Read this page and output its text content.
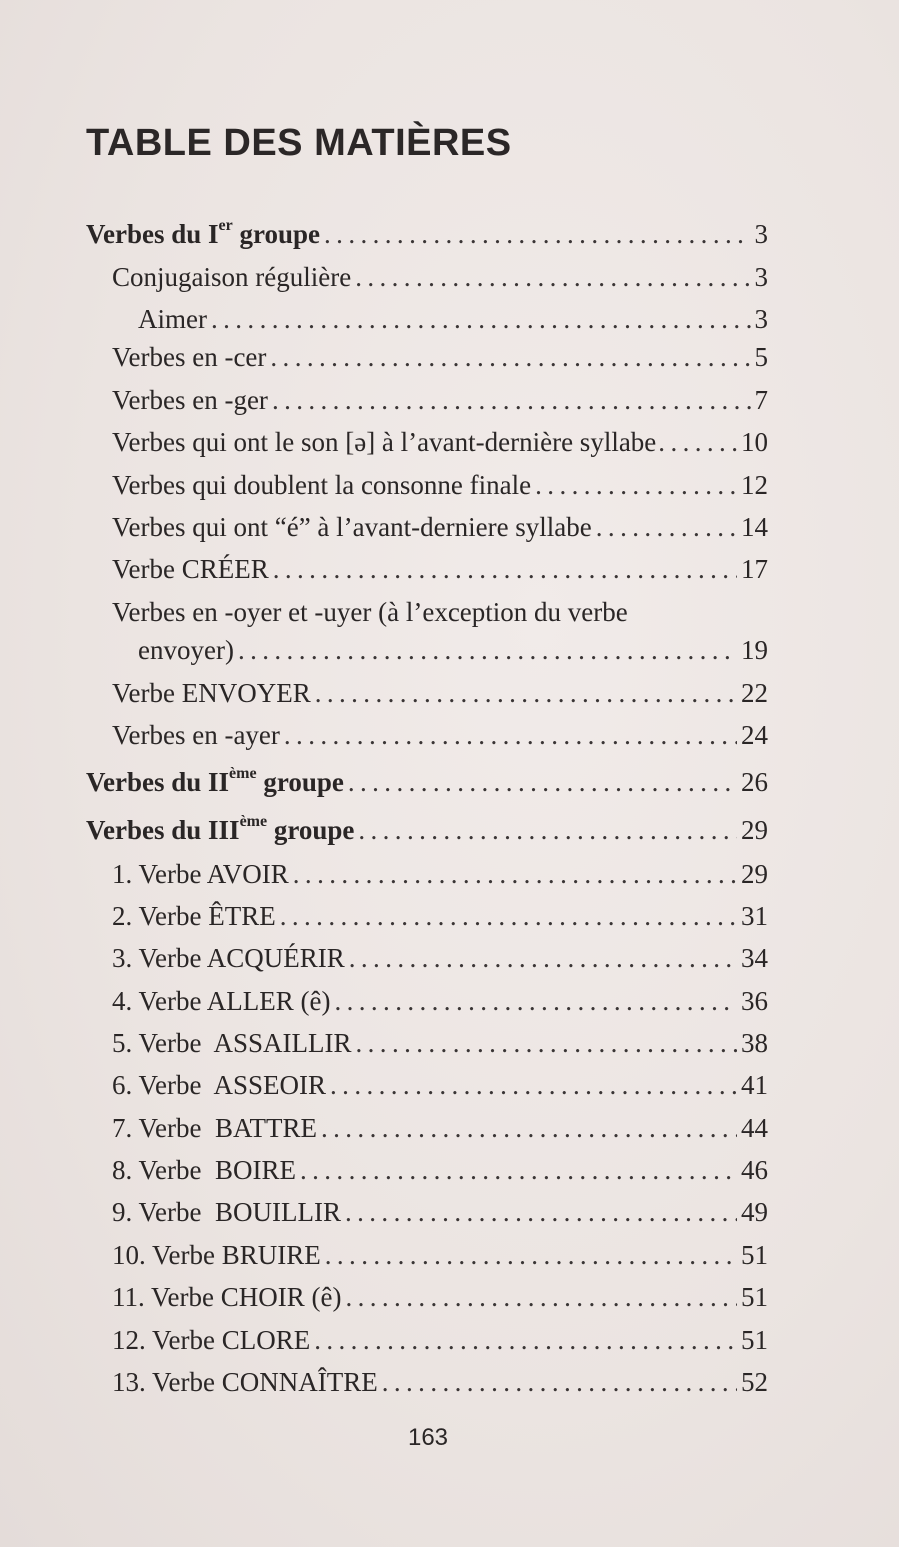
TABLE DES MATIÈRES
Verbes du Ier groupe .....	3
Conjugaison régulière .....	3
Aimer .....	3
Verbes en -cer .....	5
Verbes en -ger .....	7
Verbes qui ont le son [ə] à l’avant-dernière syllabe .....	10
Verbes qui doublent la consonne finale .....	12
Verbes qui ont “é” à l’avant-derniere syllabe .....	14
Verbe CRÉER .....	17
Verbes en -oyer et -uyer (à l’exception du verbe
envoyer) .....	19
Verbe ENVOYER .....	22
Verbes en -ayer .....	24
Verbes du IIème groupe .....	26
Verbes du IIIème groupe .....	29
1. Verbe AVOIR .....	29
2. Verbe ÊTRE .....	31
3. Verbe ACQUÉRIR .....	34
4. Verbe ALLER (ê) .....	36
5. Verbe  ASSAILLIR .....	38
6. Verbe  ASSEOIR .....	41
7. Verbe  BATTRE .....	44
8. Verbe  BOIRE .....	46
9. Verbe  BOUILLIR .....	49
10. Verbe BRUIRE .....	51
11. Verbe CHOIR (ê) .....	51
12. Verbe CLORE .....	51
13. Verbe CONNAÎTRE .....	52
163
